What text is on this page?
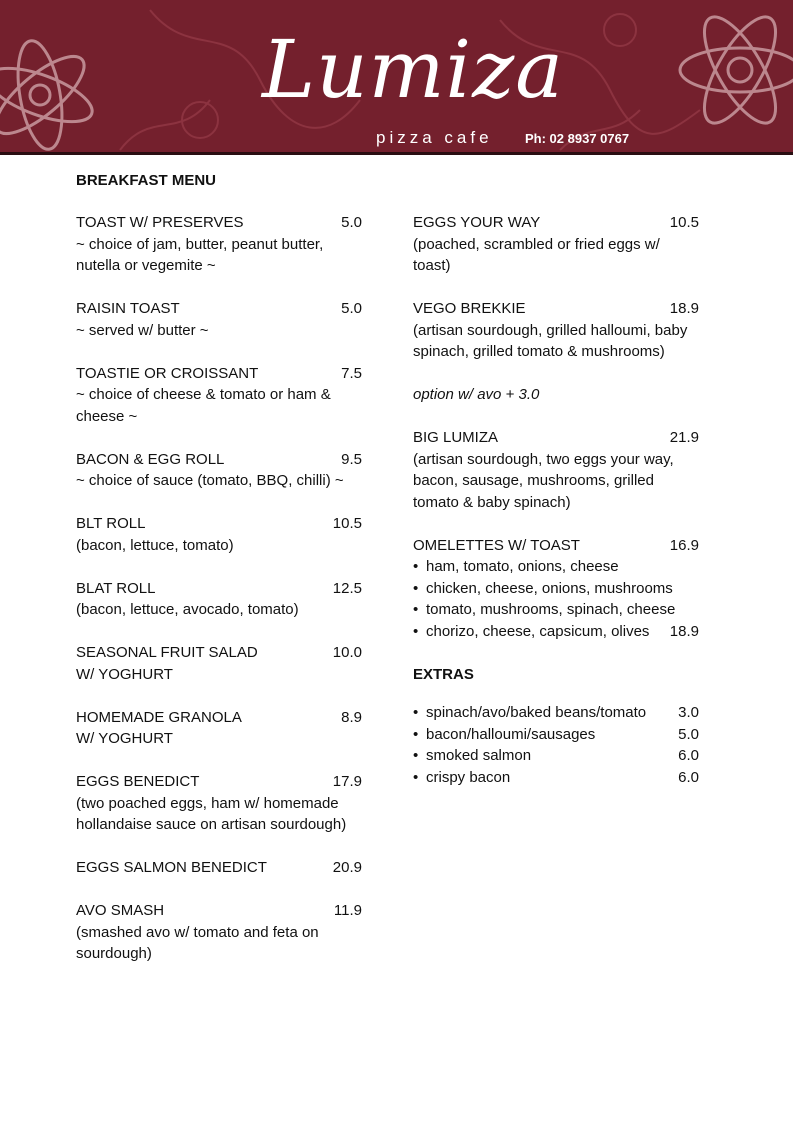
Lumiza
pizza cafe Ph: 02 8937 0767
BREAKFAST MENU
TOAST W/ PRESERVES	5.0
~ choice of jam, butter, peanut butter, nutella or vegemite ~
RAISIN TOAST	5.0
~ served w/ butter ~
TOASTIE OR CROISSANT	7.5
~ choice of cheese & tomato or ham & cheese ~
BACON & EGG ROLL	9.5
~ choice of sauce (tomato, BBQ, chilli) ~
BLT ROLL	10.5
(bacon, lettuce, tomato)
BLAT ROLL	12.5
(bacon, lettuce, avocado, tomato)
SEASONAL FRUIT SALAD	10.0
W/ YOGHURT
HOMEMADE GRANOLA	8.9
W/ YOGHURT
EGGS BENEDICT	17.9
(two poached eggs, ham w/ homemade hollandaise sauce on artisan sourdough)
EGGS SALMON BENEDICT	20.9
AVO SMASH	11.9
(smashed avo w/ tomato and feta on sourdough)
EGGS YOUR WAY	10.5
(poached, scrambled or fried eggs w/ toast)
VEGO BREKKIE	18.9
(artisan sourdough, grilled halloumi, baby spinach, grilled tomato & mushrooms)
option w/ avo + 3.0
BIG LUMIZA	21.9
(artisan sourdough, two eggs your way, bacon, sausage, mushrooms, grilled tomato & baby spinach)
OMELETTES W/ TOAST	16.9
• ham, tomato, onions, cheese
• chicken, cheese, onions, mushrooms
• tomato, mushrooms, spinach, cheese
• chorizo, cheese, capsicum, olives	18.9
EXTRAS
• spinach/avo/baked beans/tomato	3.0
• bacon/halloumi/sausages	5.0
• smoked salmon	6.0
• crispy bacon	6.0
